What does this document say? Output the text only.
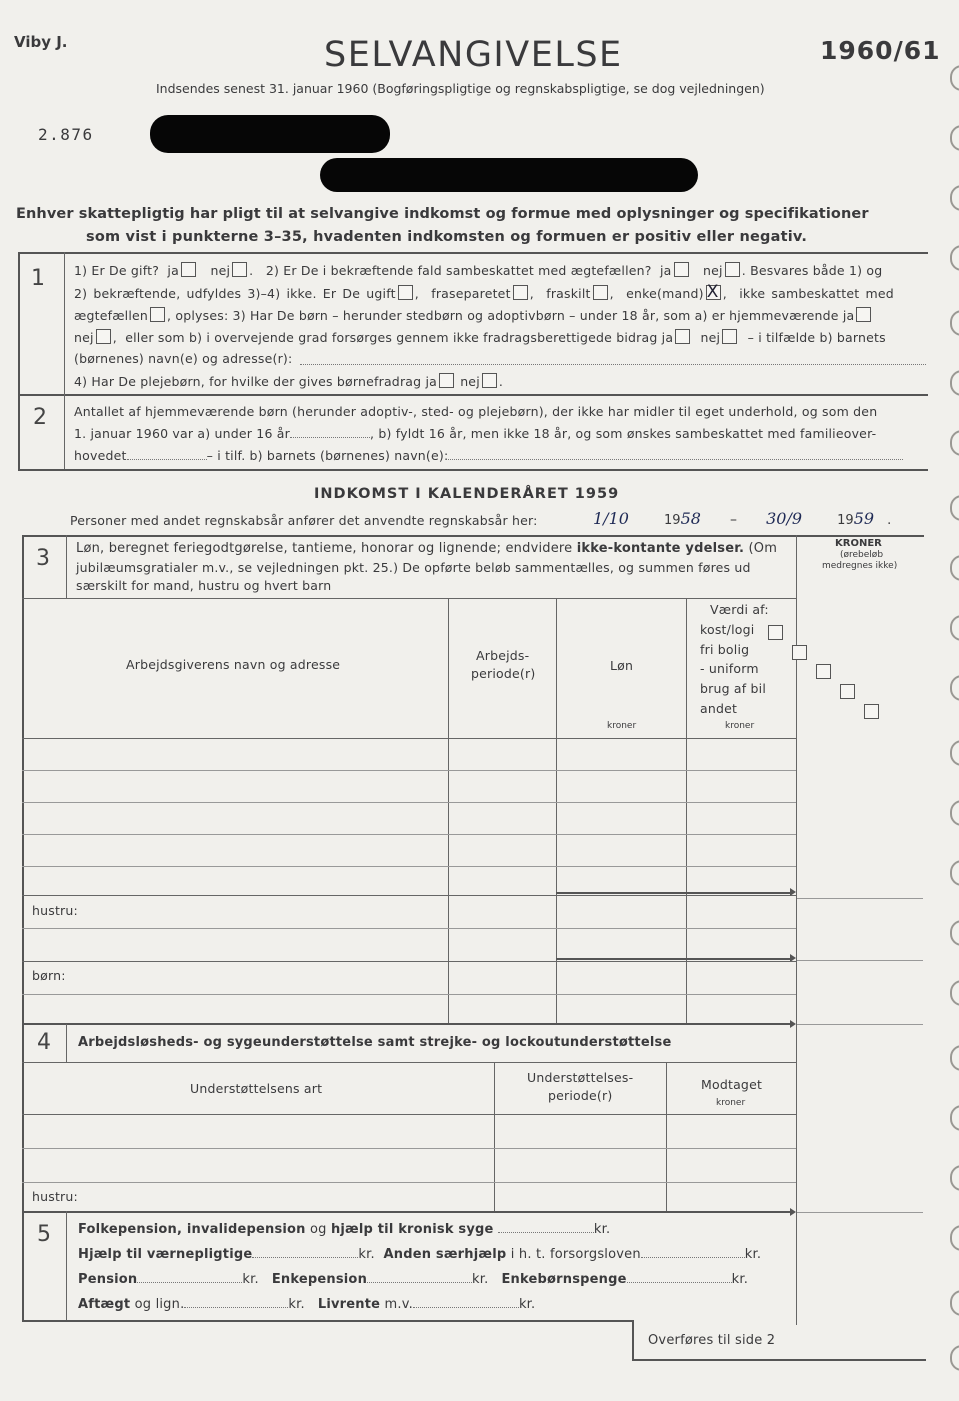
Viby J.	SELVANGIVELSE	1960/61
Indsendes senest 31. januar 1960 (Bogføringspligtige og regnskabspligtige, se dog vejledningen)
2.876
Enhver skattepligtig har pligt til at selvangive indkomst og formue med oplysninger og specifikationer
som vist i punkterne 3–35, hvadenten indkomsten og formuen er positiv eller negativ.
1 1) Er De gift? ja	nej .   2) Er De i bekræftende fald sambeskattet med ægtefællen? ja	nej . Besvares både 1) og
2) bekræftende, udfyldes 3)–4) ikke. Er De ugift ,  fraseparetet ,  fraskilt ,  enke(mand)X ,  ikke sambeskattet med
ægtefællen , oplyses: 3) Har De børn – herunder stedbørn og adoptivbørn – under 18 år, som a) er hjemmeværende ja
nej ,  eller som b) i overvejende grad forsørges gennem ikke fradragsberettigede bidrag ja nej – i tilfælde b) barnets
(børnenes) navn(e) og adresse(r):
4) Har De plejebørn, for hvilke der gives børnefradrag ja nej .
2 Antallet af hjemmeværende børn (herunder adoptiv-, sted- og plejebørn), der ikke har midler til eget underhold, og som den
1. januar 1960 var a) under 16 år	, b) fyldt 16 år, men ikke 18 år, og som ønskes sambeskattet med familieover-
hovedet	– i tilf. b) barnets (børnenes) navn(e):
INDKOMST I KALENDERÅRET 1959
Personer med andet regnskabsår anfører det anvendte regnskabsår her:	1/10	1958 – 30/9	1959 .
KRONER
(ørebeløb
medregnes ikke)
3 Løn, beregnet feriegodtgørelse, tantieme, honorar og lignende; endvidere ikke-kontante ydelser. (Om
jubilæumsgratialer m.v., se vejledningen pkt. 25.) De opførte beløb sammentælles, og summen føres ud
særskilt for mand, hustru og hvert barn
Arbejdsgiverens navn og adresse
Arbejds-
periode(r)
Løn
kroner
Værdi af:
kost/logi
fri bolig
- uniform
brug af bil
andet

kroner
hustru:
børn:
4 Arbejdsløsheds- og sygeunderstøttelse samt strejke- og lockoutunderstøttelse
Understøttelsens art
Understøttelses-
periode(r)
Modtaget
kroner
hustru:
5 Folkepension, invalidepension og hjælp til kronisk syge	kr.
Hjælp til værnepligtige	kr. Anden særhjælp i h. t. forsorgsloven	kr.
Pension	kr. Enkepension	kr. Enkebørnspenge	kr.
Aftægt og lign.	kr. Livrente m.v.	kr.
Overføres til side 2
